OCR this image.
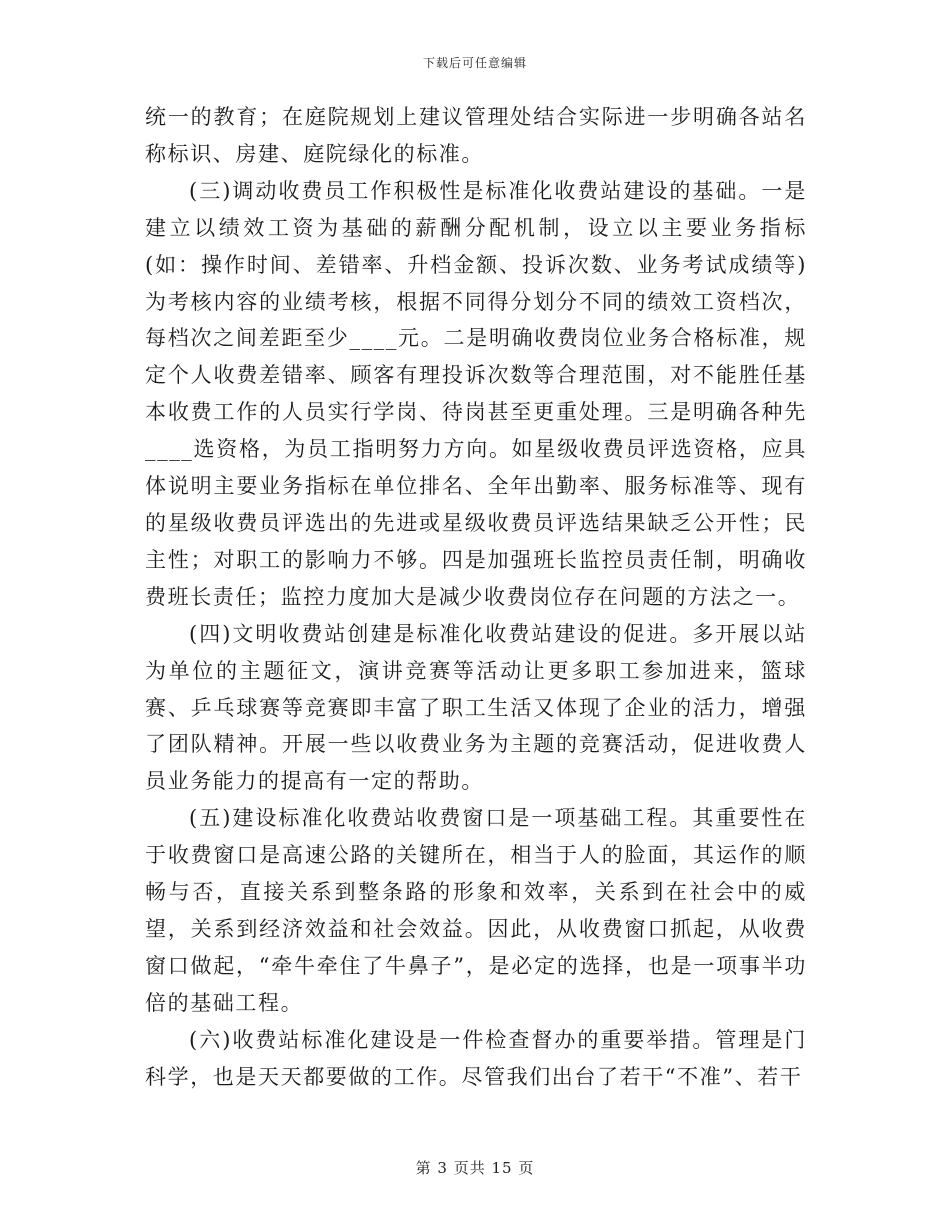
下载后可任意编辑

统一的教育；在庭院规划上建议管理处结合实际进一步明确各站名称标识、房建、庭院绿化的标准。

(三)调动收费员工作积极性是标准化收费站建设的基础。一是建立以绩效工资为基础的薪酬分配机制，设立以主要业务指标(如：操作时间、差错率、升档金额、投诉次数、业务考试成绩等)为考核内容的业绩考核，根据不同得分划分不同的绩效工资档次，每档次之间差距至少____元。二是明确收费岗位业务合格标准，规定个人收费差错率、顾客有理投诉次数等合理范围，对不能胜任基本收费工作的人员实行学岗、待岗甚至更重处理。三是明确各种先____选资格，为员工指明努力方向。如星级收费员评选资格，应具体说明主要业务指标在单位排名、全年出勤率、服务标准等、现有的星级收费员评选出的先进或星级收费员评选结果缺乏公开性；民主性；对职工的影响力不够。四是加强班长监控员责任制，明确收费班长责任；监控力度加大是减少收费岗位存在问题的方法之一。

(四)文明收费站创建是标准化收费站建设的促进。多开展以站为单位的主题征文，演讲竞赛等活动让更多职工参加进来，篮球赛、乒乓球赛等竞赛即丰富了职工生活又体现了企业的活力，增强了团队精神。开展一些以收费业务为主题的竞赛活动，促进收费人员业务能力的提高有一定的帮助。

(五)建设标准化收费站收费窗口是一项基础工程。其重要性在于收费窗口是高速公路的关键所在，相当于人的脸面，其运作的顺畅与否，直接关系到整条路的形象和效率，关系到在社会中的威望，关系到经济效益和社会效益。因此，从收费窗口抓起，从收费窗口做起，“牵牛牵住了牛鼻子”，是必定的选择，也是一项事半功倍的基础工程。

(六)收费站标准化建设是一件检查督办的重要举措。管理是门科学，也是天天都要做的工作。尽管我们出台了若干“不准”、若干

第 3 页共 15 页
